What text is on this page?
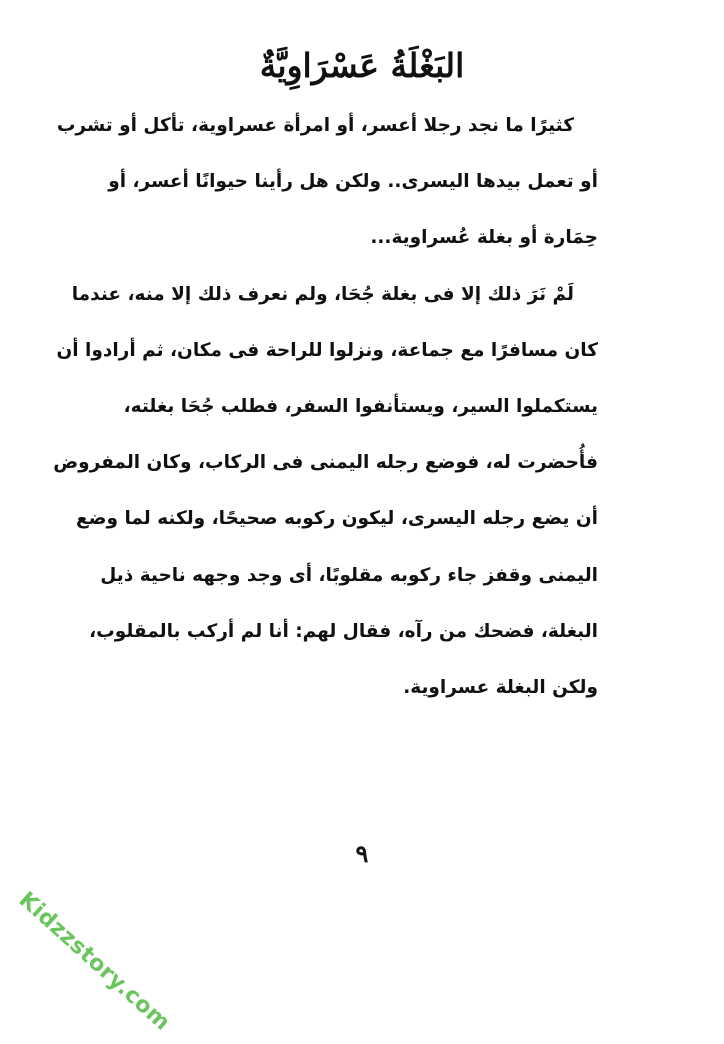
البَغْلَةُ عَسْرَاوِيَّةٌ
كثيرًا ما نجد رجلا أعسر، أو امرأة عسراوية، تأكل أو تشرب
أو تعمل بيدها اليسرى.. ولكن هل رأينا حيوانًا أعسر، أو
حِمَارة أو بغلة عُسراوية...
لَمْ نَرَ ذلك إلا فى بغلة جُحَا، ولم نعرف ذلك إلا منه، عندما
كان مسافرًا مع جماعة، ونزلوا للراحة فى مكان، ثم أرادوا أن
يستكملوا السير، ويستأنفوا السفر، فطلب جُحَا بغلته،
فأُحضرت له، فوضع رجله اليمنى فى الركاب، وكان المفروض
أن يضع رجله اليسرى، ليكون ركوبه صحيحًا، ولكنه لما وضع
اليمنى وقفز جاء ركوبه مقلوبًا، أى وجد وجهه ناحية ذيل
البغلة، فضحك من رآه، فقال لهم: أنا لم أركب بالمقلوب،
ولكن البغلة عسراوية.
٩
Kidzzstory.com
